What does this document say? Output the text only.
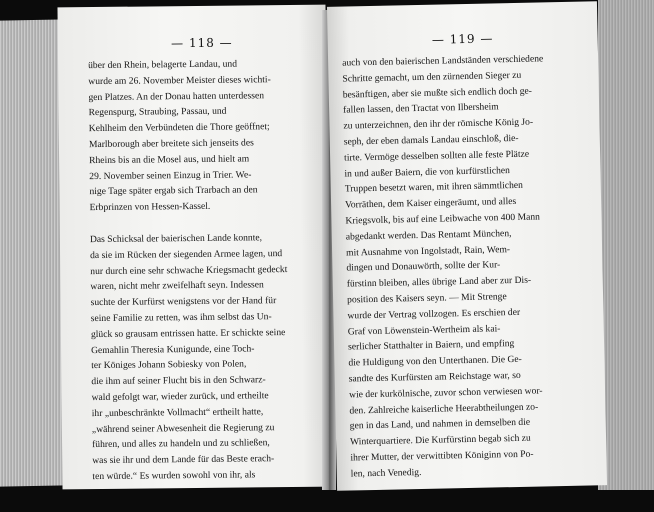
— 118 —
über den Rhein, belagerte Landau, und
wurde am 26. November Meister dieses wichti-
gen Platzes. An der Donau hatten unterdessen
Regenspurg, Straubing, Passau, und
Kehlheim den Verbündeten die Thore geöffnet;
Marlborough aber breitete sich jenseits des
Rheins bis an die Mosel aus, und hielt am
29. November seinen Einzug in Trier. We-
nige Tage später ergab sich Trarbach an den
Erbprinzen von Hessen-Kassel.
Das Schicksal der baierischen Lande konnte,
da sie im Rücken der siegenden Armee lagen, und
nur durch eine sehr schwache Kriegsmacht gedeckt
waren, nicht mehr zweifelhaft seyn. Indessen
suchte der Kurfürst wenigstens vor der Hand für
seine Familie zu retten, was ihm selbst das Un-
glück so grausam entrissen hatte. Er schickte seine
Gemahlin Theresia Kunigunde, eine Toch-
ter Königes Johann Sobiesky von Polen,
die ihm auf seiner Flucht bis in den Schwarz-
wald gefolgt war, wieder zurück, und ertheilte
ihr „unbeschränkte Vollmacht“ ertheilt hatte,
„während seiner Abwesenheit die Regierung zu
führen, und alles zu handeln und zu schließen,
was sie ihr und dem Lande für das Beste erach-
ten würde.“ Es wurden sowohl von ihr, als
— 119 —
auch von den baierischen Landständen verschiedene
Schritte gemacht, um den zürnenden Sieger zu
besänftigen, aber sie mußte sich endlich doch ge-
fallen lassen, den Tractat von Ilbersheim
zu unterzeichnen, den ihr der römische König Jo-
seph, der eben damals Landau einschloß, die-
tirte. Vermöge desselben sollten alle feste Plätze
in und außer Baiern, die von kurfürstlichen
Truppen besetzt waren, mit ihren sämmtlichen
Vorräthen, dem Kaiser eingeräumt, und alles
Kriegsvolk, bis auf eine Leibwache von 400 Mann
abgedankt werden. Das Rentamt München,
mit Ausnahme von Ingolstadt, Rain, Wem-
dingen und Donauwörth, sollte der Kur-
fürstinn bleiben, alles übrige Land aber zur Dis-
position des Kaisers seyn. — Mit Strenge
wurde der Vertrag vollzogen. Es erschien der
Graf von Löwenstein-Wertheim als kai-
serlicher Statthalter in Baiern, und empfing
die Huldigung von den Unterthanen. Die Ge-
sandte des Kurfürsten am Reichstage war, so
wie der kurkölnische, zuvor schon verwiesen wor-
den. Zahlreiche kaiserliche Heerabtheilungen zo-
gen in das Land, und nahmen in demselben die
Winterquartiere. Die Kurfürstinn begab sich zu
ihrer Mutter, der verwittibten Königinn von Po-
len, nach Venedig.
